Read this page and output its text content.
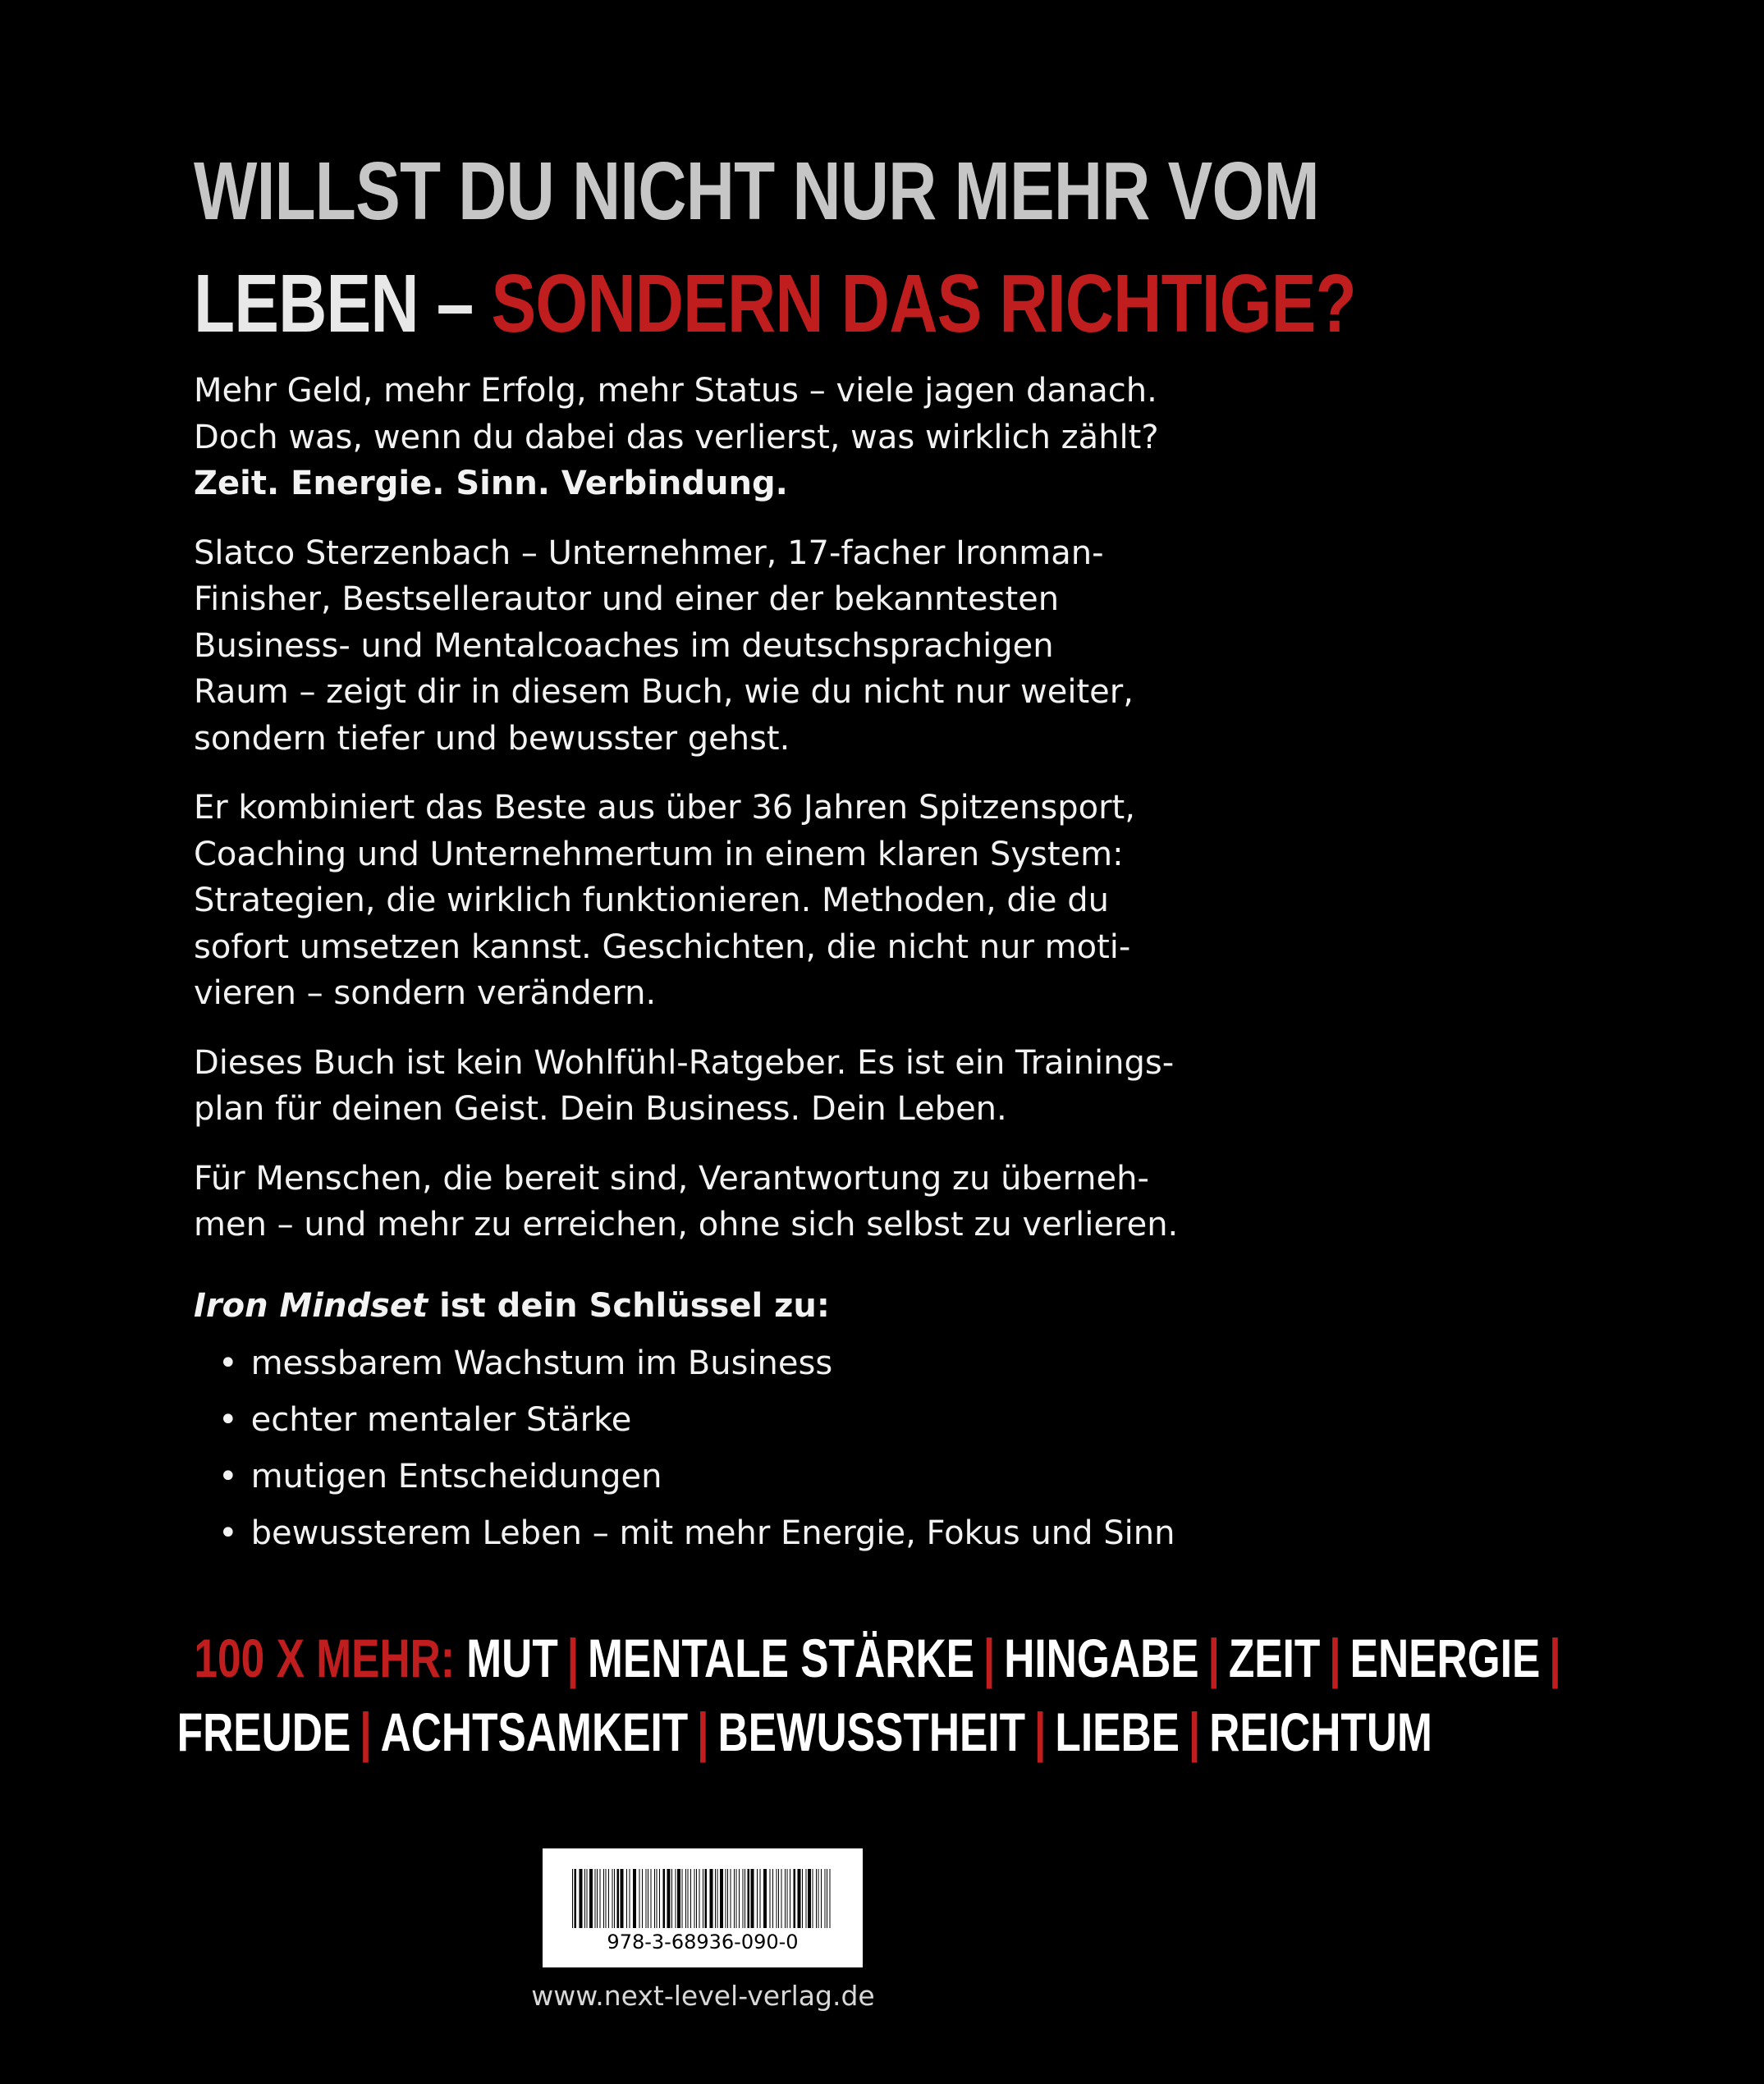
WILLST DU NICHT NUR MEHR VOM
LEBEN – SONDERN DAS RICHTIGE?

Mehr Geld, mehr Erfolg, mehr Status – viele jagen danach.
Doch was, wenn du dabei das verlierst, was wirklich zählt?
Zeit. Energie. Sinn. Verbindung.

Slatco Sterzenbach – Unternehmer, 17-facher Ironman-
Finisher, Bestsellerautor und einer der bekanntesten
Business- und Mentalcoaches im deutschsprachigen
Raum – zeigt dir in diesem Buch, wie du nicht nur weiter,
sondern tiefer und bewusster gehst.

Er kombiniert das Beste aus über 36 Jahren Spitzensport,
Coaching und Unternehmertum in einem klaren System:
Strategien, die wirklich funktionieren. Methoden, die du
sofort umsetzen kannst. Geschichten, die nicht nur moti-
vieren – sondern verändern.

Dieses Buch ist kein Wohlfühl-Ratgeber. Es ist ein Trainings-
plan für deinen Geist. Dein Business. Dein Leben.

Für Menschen, die bereit sind, Verantwortung zu überneh-
men – und mehr zu erreichen, ohne sich selbst zu verlieren.

Iron Mindset ist dein Schlüssel zu:
• messbarem Wachstum im Business
• echter mentaler Stärke
• mutigen Entscheidungen
• bewussterem Leben – mit mehr Energie, Fokus und Sinn
100 X MEHR: MUT | MENTALE STÄRKE | HINGABE | ZEIT | ENERGIE |
FREUDE | ACHTSAMKEIT | BEWUSSTHEIT | LIEBE | REICHTUM
978-3-68936-090-0
www.next-level-verlag.de
